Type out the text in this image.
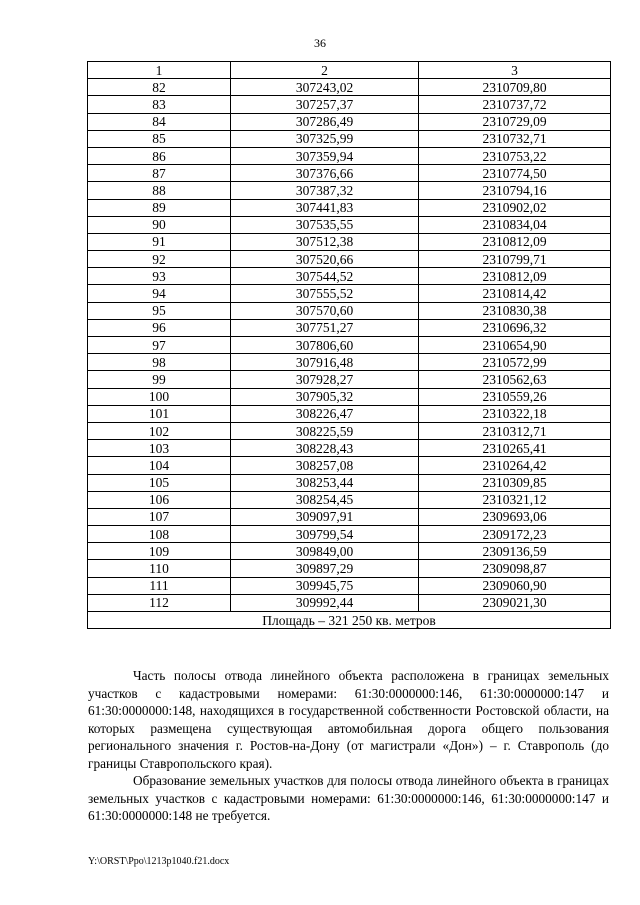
36
1	2	3
82	307243,02	2310709,80
83	307257,37	2310737,72
84	307286,49	2310729,09
85	307325,99	2310732,71
86	307359,94	2310753,22
87	307376,66	2310774,50
88	307387,32	2310794,16
89	307441,83	2310902,02
90	307535,55	2310834,04
91	307512,38	2310812,09
92	307520,66	2310799,71
93	307544,52	2310812,09
94	307555,52	2310814,42
95	307570,60	2310830,38
96	307751,27	2310696,32
97	307806,60	2310654,90
98	307916,48	2310572,99
99	307928,27	2310562,63
100	307905,32	2310559,26
101	308226,47	2310322,18
102	308225,59	2310312,71
103	308228,43	2310265,41
104	308257,08	2310264,42
105	308253,44	2310309,85
106	308254,45	2310321,12
107	309097,91	2309693,06
108	309799,54	2309172,23
109	309849,00	2309136,59
110	309897,29	2309098,87
111	309945,75	2309060,90
112	309992,44	2309021,30
Площадь – 321 250 кв. метров		

Часть полосы отвода линейного объекта расположена в границах земельных участков с кадастровыми номерами: 61:30:0000000:146, 61:30:0000000:147 и 61:30:0000000:148, находящихся в государственной собственности Ростовской области, на которых размещена существующая автомобильная дорога общего пользования регионального значения г. Ростов-на-Дону (от магистрали «Дон») – г. Ставрополь (до границы Ставропольского края).

Образование земельных участков для полосы отвода линейного объекта в границах земельных участков с кадастровыми номерами: 61:30:0000000:146, 61:30:0000000:147 и 61:30:0000000:148 не требуется.

Y:\ORST\Ppo\1213p1040.f21.docx
